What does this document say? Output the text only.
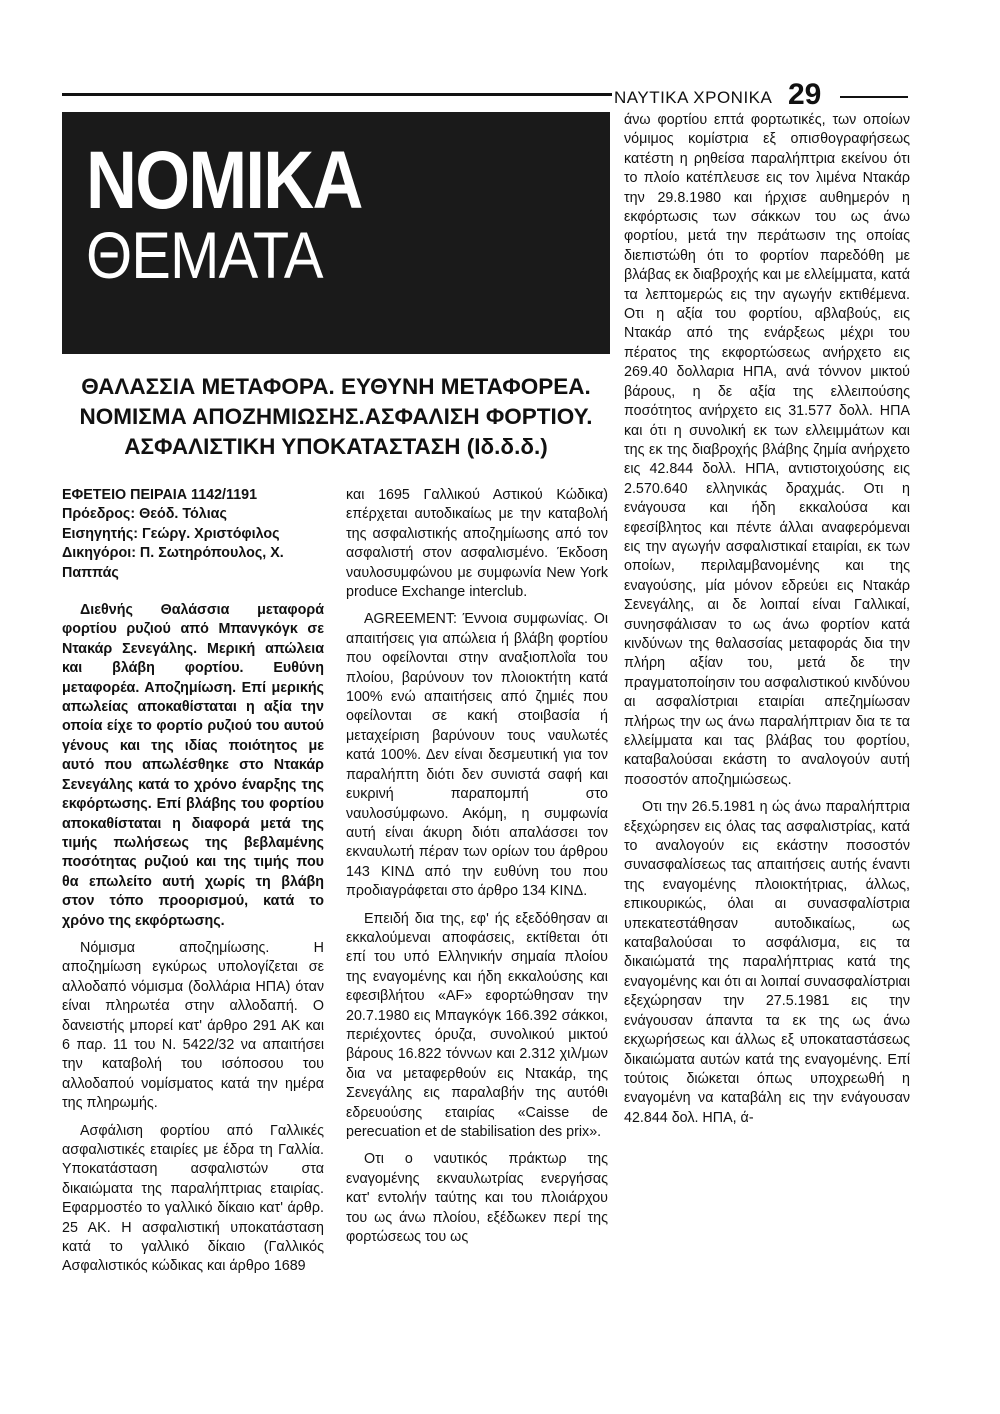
ΝΑΥΤΙΚΑ ΧΡΟΝΙΚΑ 29
ΝΟΜΙΚΑ
ΘΕΜΑΤΑ
ΘΑΛΑΣΣΙΑ ΜΕΤΑΦΟΡΑ. ΕΥΘΥΝΗ ΜΕΤΑΦΟΡΕΑ.
ΝΟΜΙΣΜΑ ΑΠΟΖΗΜΙΩΣΗΣ.ΑΣΦΑΛΙΣΗ ΦΟΡΤΙΟΥ.
ΑΣΦΑΛΙΣΤΙΚΗ ΥΠΟΚΑΤΑΣΤΑΣΗ (Ιδ.δ.δ.)

ΕΦΕΤΕΙΟ ΠΕΙΡΑΙΑ 1142/1191
Πρόεδρος: Θεόδ. Τόλιας
Εισηγητής: Γεώργ. Χριστόφιλος
Δικηγόροι: Π. Σωτηρόπουλος, Χ. Παππάς

Διεθνής Θαλάσσια μεταφορά φορτίου ρυζιού από Μπανγκόγκ σε Ντακάρ Σενεγάλης. Μερική απώλεια και βλάβη φορτίου. Ευθύνη μεταφορέα. Αποζημίωση. Επί μερικής απωλείας αποκαθίσταται η αξία την οποία είχε το φορτίο ρυζιού του αυτού γένους και της ιδίας ποιότητος με αυτό που απωλέσθηκε στο Ντακάρ Σενεγάλης κατά το χρόνο έναρξης της εκφόρτωσης. Επί βλάβης του φορτίου αποκαθίσταται η διαφορά μετά της τιμής πωλήσεως της βεβλαμένης ποσότητας ρυζιού και της τιμής που θα επωλείτο αυτή χωρίς τη βλάβη στον τόπο προορισμού, κατά το χρόνο της εκφόρτωσης.

Νόμισμα αποζημίωσης. Η αποζημίωση εγκύρως υπολογίζεται σε αλλοδαπό νόμισμα (δολλάρια ΗΠΑ) όταν είναι πληρωτέα στην αλλοδαπή. Ο δανειστής μπορεί κατ' άρθρο 291 ΑΚ και 6 παρ. 11 του Ν. 5422/32 να απαιτήσει την καταβολή του ισόποσου του αλλοδαπού νομίσματος κατά την ημέρα της πληρωμής.

Ασφάλιση φορτίου από Γαλλικές ασφαλιστικές εταιρίες με έδρα τη Γαλλία. Υποκατάσταση ασφαλιστών στα δικαιώματα της παραλήπτριας εταιρίας. Εφαρμοστέο το γαλλικό δίκαιο κατ' άρθρ. 25 ΑΚ. Η ασφαλιστική υποκατάσταση κατά το γαλλικό δίκαιο (Γαλλικός Ασφαλιστικός κώδικας και άρθρο 1689

και 1695 Γαλλικού Αστικού Κώδικα) επέρχεται αυτοδικαίως με την καταβολή της ασφαλιστικής αποζημίωσης από τον ασφαλιστή στον ασφαλισμένο. Έκδοση ναυλοσυμφώνου με συμφωνία New York produce Exchange interclub.

AGREEMENT: Έννοια συμφωνίας. Οι απαιτήσεις για απώλεια ή βλάβη φορτίου που οφείλονται στην αναξιοπλοΐα του πλοίου, βαρύνουν τον πλοιοκτήτη κατά 100% ενώ απαιτήσεις από ζημιές που οφείλονται σε κακή στοιβασία ή μεταχείριση βαρύνουν τους ναυλωτές κατά 100%. Δεν είναι δεσμευτική για τον παραλήπτη διότι δεν συνιστά σαφή και ευκρινή παραπομπή στο ναυλοσύμφωνο. Ακόμη, η συμφωνία αυτή είναι άκυρη διότι απαλάσσει τον εκναυλωτή πέραν των ορίων του άρθρου 143 ΚΙΝΔ από την ευθύνη του που προδιαγράφεται στο άρθρο 134 ΚΙΝΔ.

Επειδή δια της, εφ' ής εξεδόθησαν αι εκκαλούμεναι αποφάσεις, εκτίθεται ότι επί του υπό Ελληνικήν σημαία πλοίου της εναγομένης και ήδη εκκαλούσης και εφεσιβλήτου «AF» εφορτώθησαν την 20.7.1980 εις Μπαγκόγκ 166.392 σάκκοι, περιέχοντες όρυζα, συνολικού μικτού βάρους 16.822 τόννων και 2.312 χιλ/μων δια να μεταφερθούν εις Ντακάρ, της Σενεγάλης εις παραλαβήν της αυτόθι εδρευούσης εταιρίας «Caisse de perecuation et de stabilisation des prix».

Οτι ο ναυτικός πράκτωρ της εναγομένης εκναυλωτρίας ενεργήσας κατ' εντολήν ταύτης και του πλοιάρχου του ως άνω πλοίου, εξέδωκεν περί της φορτώσεως του ως

άνω φορτίου επτά φορτωτικές, των οποίων νόμιμος κομίστρια εξ οπισθογραφήσεως κατέστη η ρηθείσα παραλήπτρια εκείνου ότι το πλοίο κατέπλευσε εις τον λιμένα Ντακάρ την 29.8.1980 και ήρχισε αυθημερόν η εκφόρτωσις των σάκκων του ως άνω φορτίου, μετά την περάτωσιν της οποίας διεπιστώθη ότι το φορτίον παρεδόθη με βλάβας εκ διαβροχής και με ελλείμματα, κατά τα λεπτομερώς εις την αγωγήν εκτιθέμενα. Οτι η αξία του φορτίου, αβλαβούς, εις Ντακάρ από της ενάρξεως μέχρι του πέρατος της εκφορτώσεως ανήρχετο εις 269.40 δολλαρια ΗΠΑ, ανά τόννον μικτού βάρους, η δε αξία της ελλειπούσης ποσότητος ανήρχετο εις 31.577 δολλ. ΗΠΑ και ότι η συνολική εκ των ελλειμμάτων και της εκ της διαβροχής βλάβης ζημία ανήρχετο εις 42.844 δολλ. ΗΠΑ, αντιστοιχούσης εις 2.570.640 ελληνικάς δραχμάς. Οτι η ενάγουσα και ήδη εκκαλούσα και εφεσίβλητος και πέντε άλλαι αναφερόμεναι εις την αγωγήν ασφαλιστικαί εταιρίαι, εκ των οποίων, περιλαμβανομένης και της εναγούσης, μία μόνον εδρεύει εις Ντακάρ Σενεγάλης, αι δε λοιπαί είναι Γαλλικαί, συνησφάλισαν το ως άνω φορτίον κατά κινδύνων της θαλασσίας μεταφοράς δια την πλήρη αξίαν του, μετά δε την πραγματοποίησιν του ασφαλιστικού κινδύνου αι ασφαλίστριαι εταιρίαι απεζημίωσαν πλήρως την ως άνω παραλήπτριαν δια τε τα ελλείμματα και τας βλάβας του φορτίου, καταβαλούσαι εκάστη το αναλογούν αυτή ποσοστόν αποζημιώσεως.

Οτι την 26.5.1981 η ώς άνω παραλήπτρια εξεχώρησεν εις όλας τας ασφαλιστρίας, κατά το αναλογούν εις εκάστην ποσοστόν συνασφαλίσεως τας απαιτήσεις αυτής έναντι της εναγομένης πλοιοκτήτριας, άλλως, επικουρικώς, όλαι αι συνασφαλίστρια υπεκατεστάθησαν αυτοδικαίως, ως καταβαλούσαι το ασφάλισμα, εις τα δικαιώματά της παραλήπτριας κατά της εναγομένης και ότι αι λοιπαί συνασφαλίστριαι εξεχώρησαν την 27.5.1981 εις την ενάγουσαν άπαντα τα εκ της ως άνω εκχωρήσεως και άλλως εξ υποκαταστάσεως δικαιώματα αυτών κατά της εναγομένης. Επί τούτοις διώκεται όπως υποχρεωθή η εναγομένη να καταβάλη εις την ενάγουσαν 42.844 δολ. ΗΠΑ, ά-
